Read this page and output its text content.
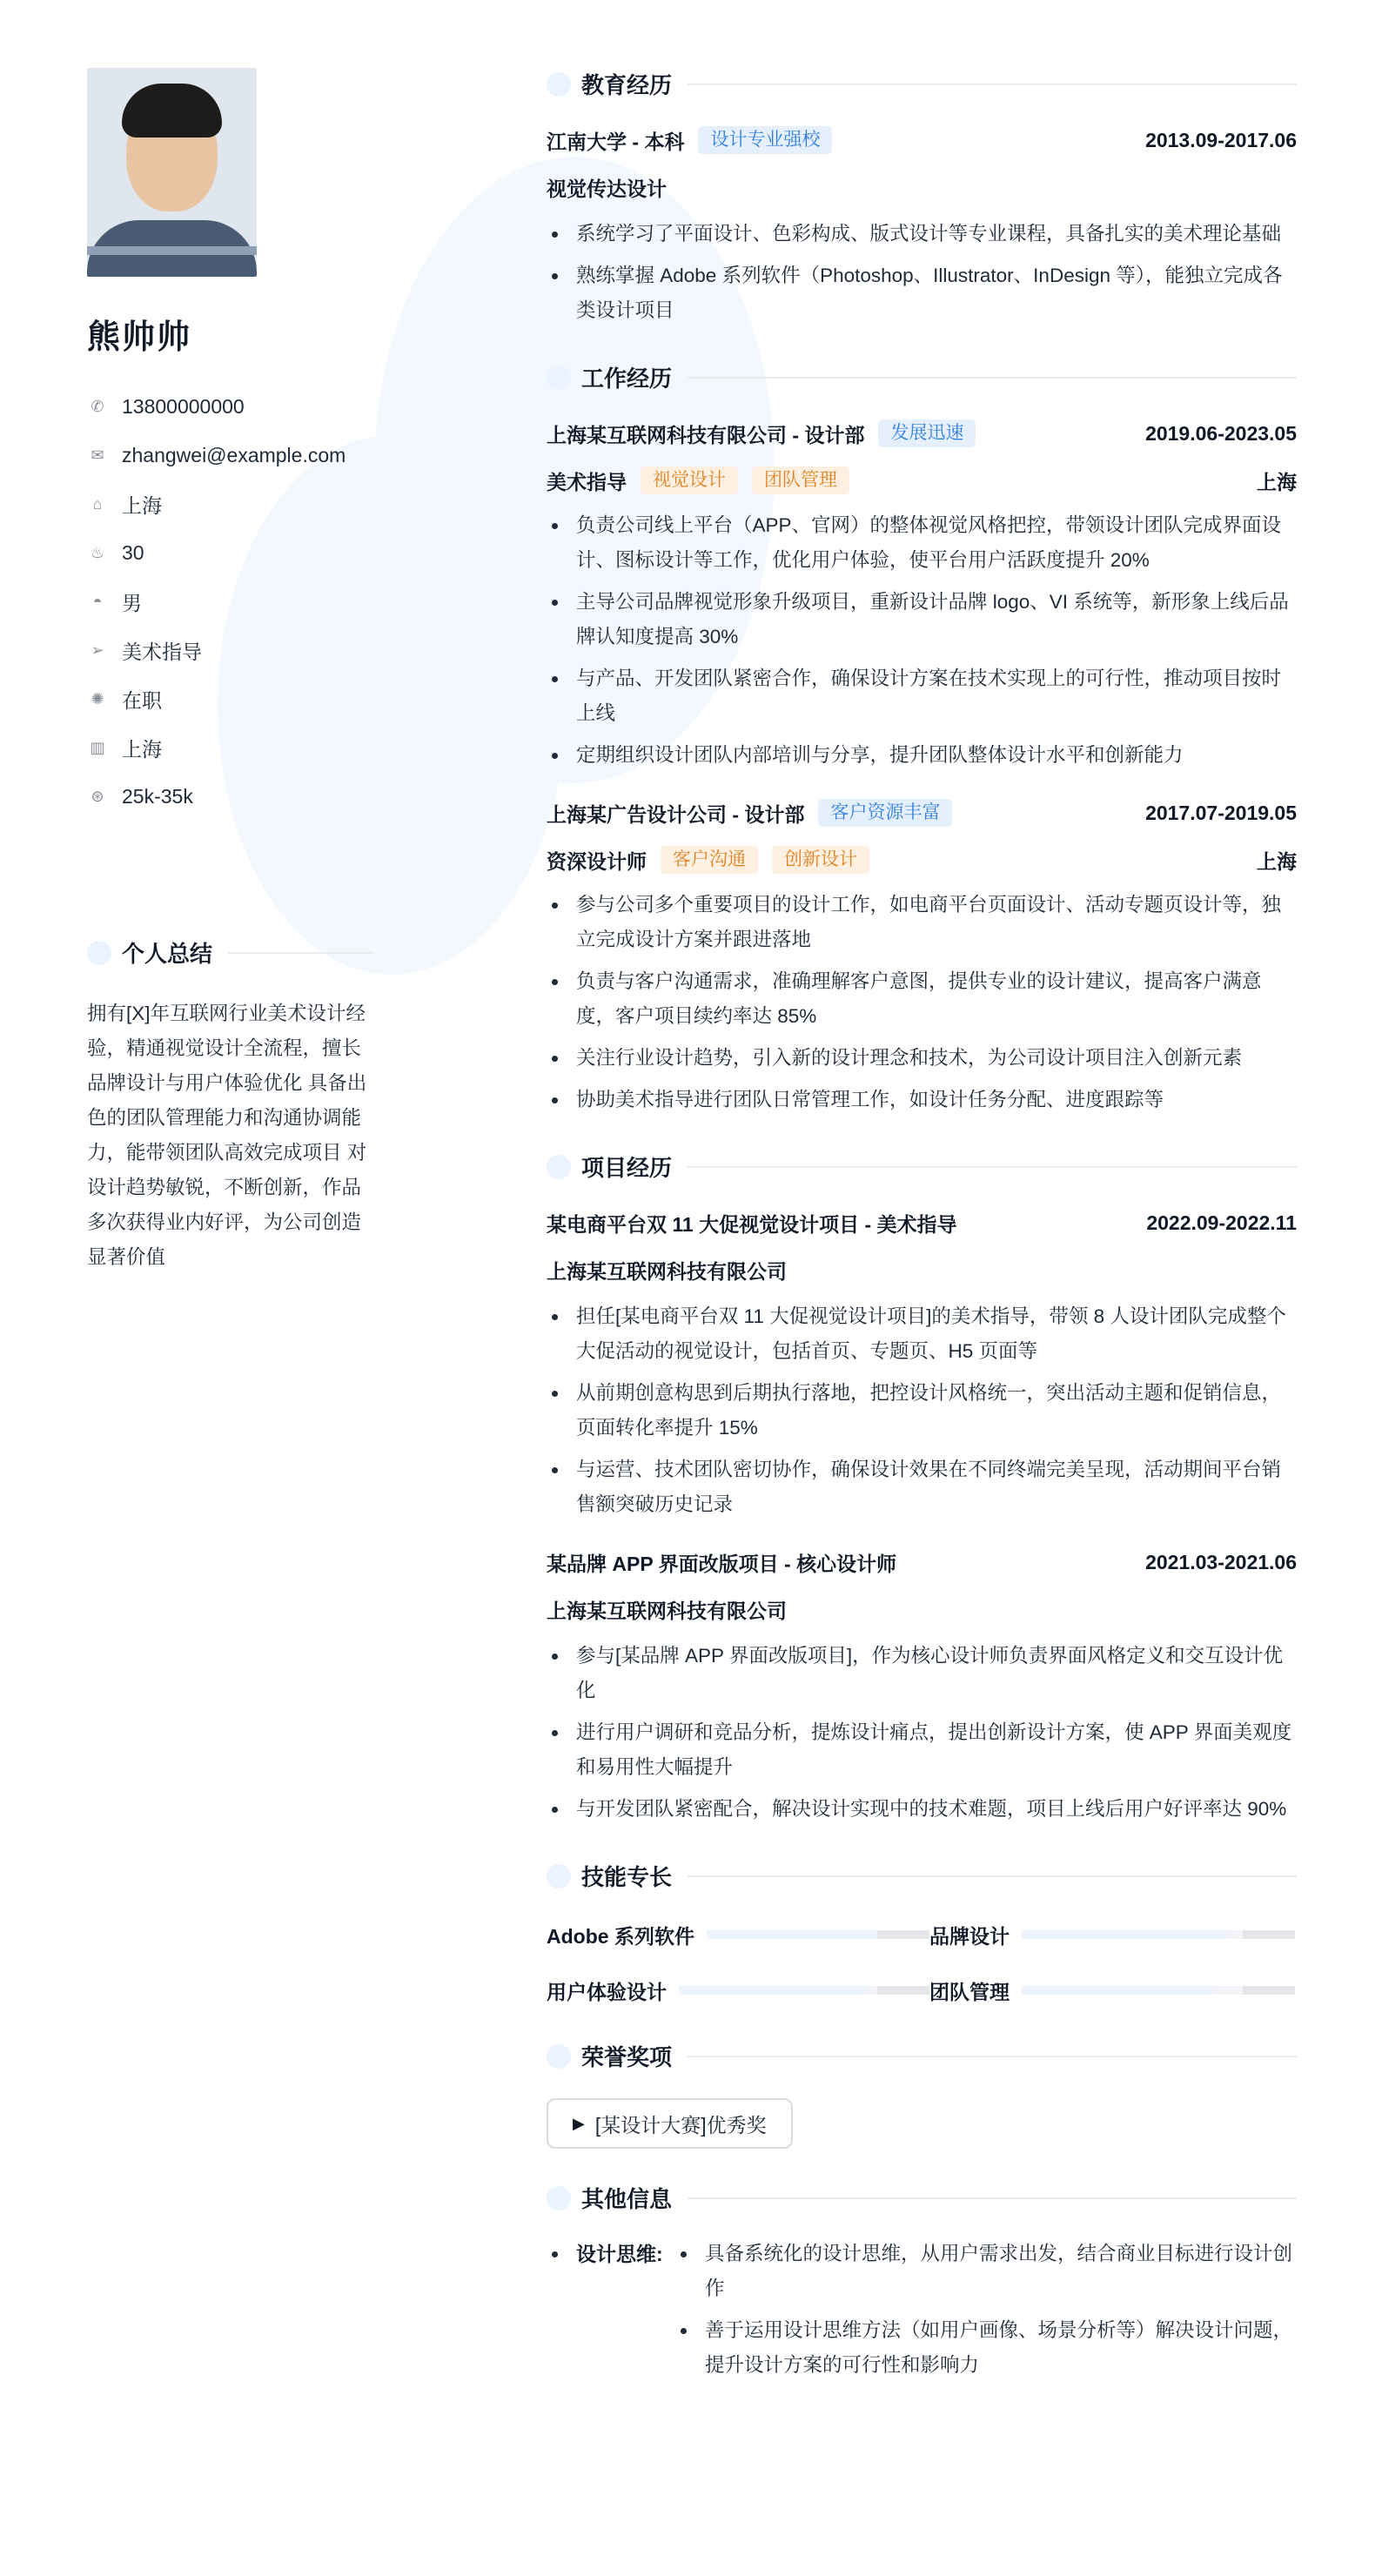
熊帅帅
✆ 13800000000
✉ zhangwei@example.com
⌂ 上海
♨ 30
◓ 男
➢ 美术指导
✺ 在职
▥ 上海
⊛ 25k-35k
个人总结
拥有[X]年互联网行业美术设计经验，精通视觉设计全流程，擅长品牌设计与用户体验优化 具备出色的团队管理能力和沟通协调能力，能带领团队高效完成项目 对设计趋势敏锐，不断创新，作品多次获得业内好评，为公司创造显著价值
教育经历
江南大学 - 本科	设计专业强校	2013.09-2017.06
视觉传达设计
系统学习了平面设计、色彩构成、版式设计等专业课程，具备扎实的美术理论基础
熟练掌握 Adobe 系列软件（Photoshop、Illustrator、InDesign 等），能独立完成各类设计项目
工作经历
上海某互联网科技有限公司 - 设计部	发展迅速	2019.06-2023.05
美术指导	视觉设计	团队管理	上海
负责公司线上平台（APP、官网）的整体视觉风格把控，带领设计团队完成界面设计、图标设计等工作，优化用户体验，使平台用户活跃度提升 20%
主导公司品牌视觉形象升级项目，重新设计品牌 logo、VI 系统等，新形象上线后品牌认知度提高 30%
与产品、开发团队紧密合作，确保设计方案在技术实现上的可行性，推动项目按时上线
定期组织设计团队内部培训与分享，提升团队整体设计水平和创新能力
上海某广告设计公司 - 设计部	客户资源丰富	2017.07-2019.05
资深设计师	客户沟通	创新设计	上海
参与公司多个重要项目的设计工作，如电商平台页面设计、活动专题页设计等，独立完成设计方案并跟进落地
负责与客户沟通需求，准确理解客户意图，提供专业的设计建议，提高客户满意度，客户项目续约率达 85%
关注行业设计趋势，引入新的设计理念和技术，为公司设计项目注入创新元素
协助美术指导进行团队日常管理工作，如设计任务分配、进度跟踪等
项目经历
某电商平台双 11 大促视觉设计项目 - 美术指导	2022.09-2022.11
上海某互联网科技有限公司
担任[某电商平台双 11 大促视觉设计项目]的美术指导，带领 8 人设计团队完成整个大促活动的视觉设计，包括首页、专题页、H5 页面等
从前期创意构思到后期执行落地，把控设计风格统一，突出活动主题和促销信息，页面转化率提升 15%
与运营、技术团队密切协作，确保设计效果在不同终端完美呈现，活动期间平台销售额突破历史记录
某品牌 APP 界面改版项目 - 核心设计师	2021.03-2021.06
上海某互联网科技有限公司
参与[某品牌 APP 界面改版项目]，作为核心设计师负责界面风格定义和交互设计优化
进行用户调研和竞品分析，提炼设计痛点，提出创新设计方案，使 APP 界面美观度和易用性大幅提升
与开发团队紧密配合，解决设计实现中的技术难题，项目上线后用户好评率达 90%
技能专长
Adobe 系列软件	品牌设计
用户体验设计	团队管理
荣誉奖项
▶ [某设计大赛]优秀奖
其他信息
设计思维:	具备系统化的设计思维，从用户需求出发，结合商业目标进行设计创作
善于运用设计思维方法（如用户画像、场景分析等）解决设计问题，提升设计方案的可行性和影响力
